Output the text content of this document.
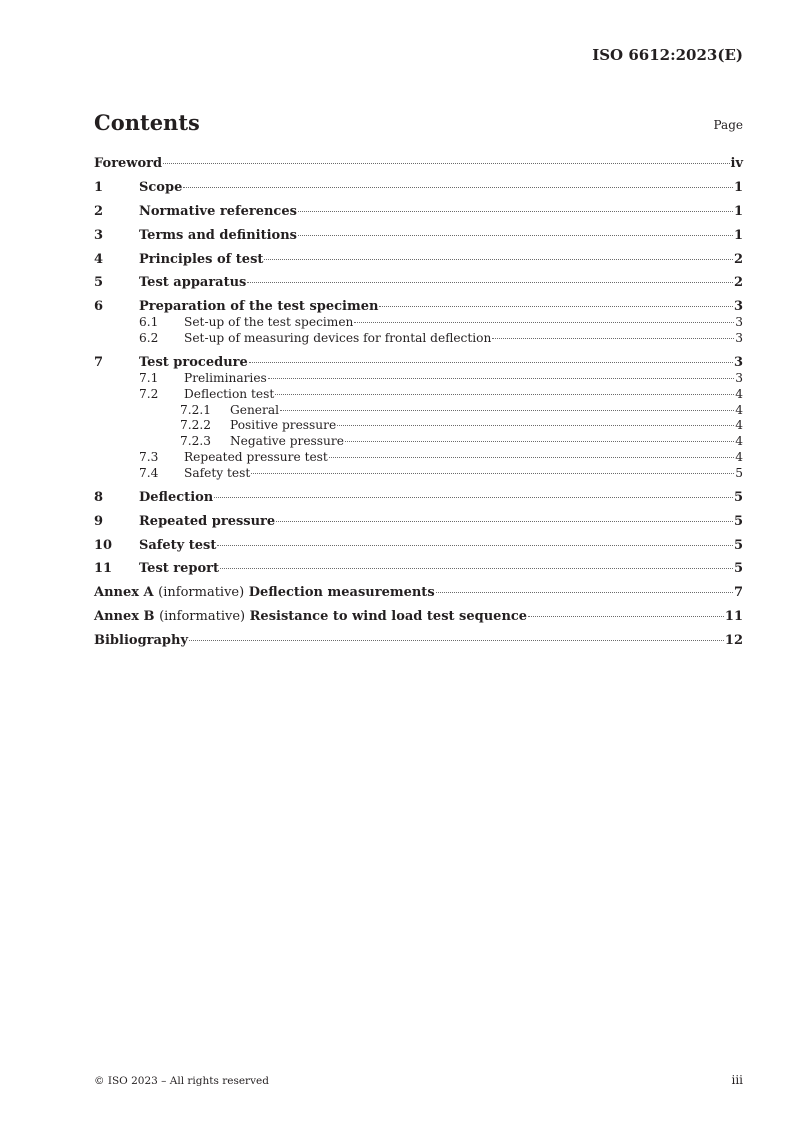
ISO 6612:2023(E)
Contents	Page
Foreword	iv
1	Scope	1
2	Normative references	1
3	Terms and definitions	1
4	Principles of test	2
5	Test apparatus	2
6	Preparation of the test specimen	3
6.1	Set-up of the test specimen	3
6.2	Set-up of measuring devices for frontal deflection	3
7	Test procedure	3
7.1	Preliminaries	3
7.2	Deflection test	4
7.2.1	General	4
7.2.2	Positive pressure	4
7.2.3	Negative pressure	4
7.3	Repeated pressure test	4
7.4	Safety test	5
8	Deflection	5
9	Repeated pressure	5
10	Safety test	5
11	Test report	5
Annex A (informative) Deflection measurements	7
Annex B (informative) Resistance to wind load test sequence	11
Bibliography	12
© ISO 2023 – All rights reserved	iii
